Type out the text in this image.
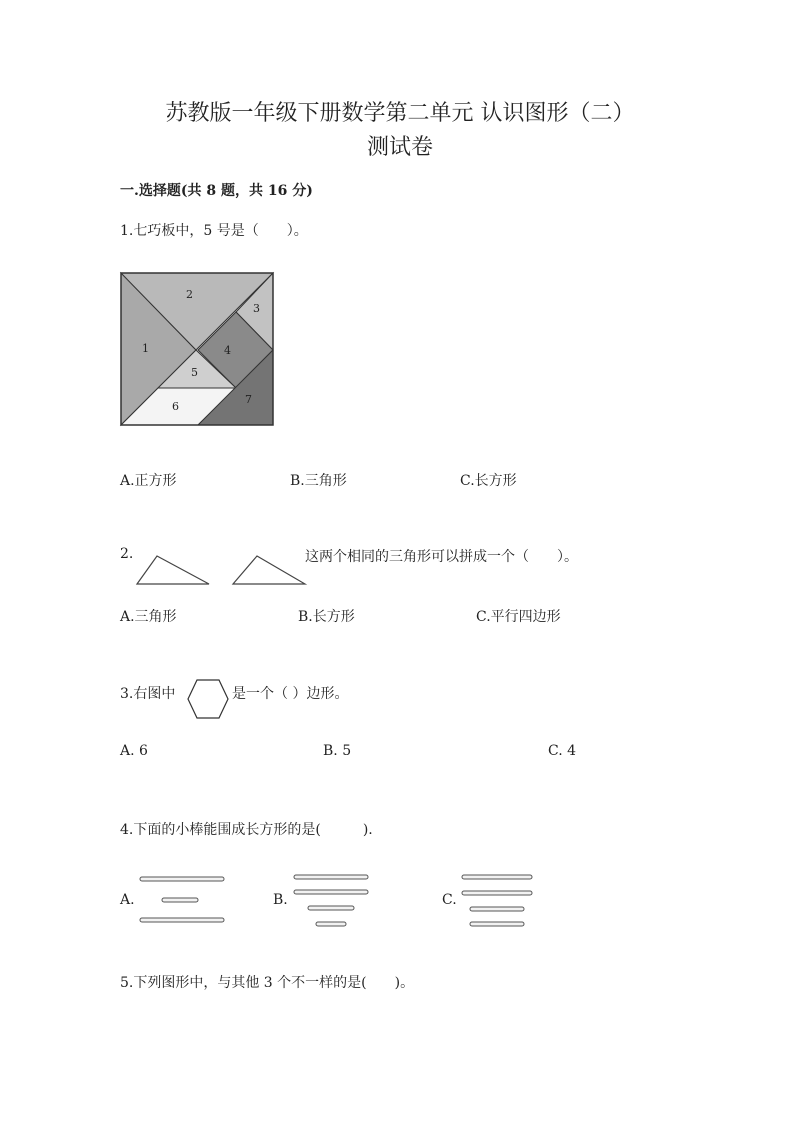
苏教版一年级下册数学第二单元 认识图形（二）
测试卷
一.选择题(共 8 题，共 16 分)
1.七巧板中，5 号是（　　）。
1
2
3
4
5
6
7
A.正方形	B.三角形	C.长方形
2.	这两个相同的三角形可以拼成一个（　　）。
A.三角形	B.长方形	C.平行四边形
3.右图中	是一个（ ）边形。
A. 6	B. 5	C. 4
4.下面的小棒能围成长方形的是(　　　).
A.	B.	C.
5.下列图形中，与其他 3 个不一样的是(　　)。
